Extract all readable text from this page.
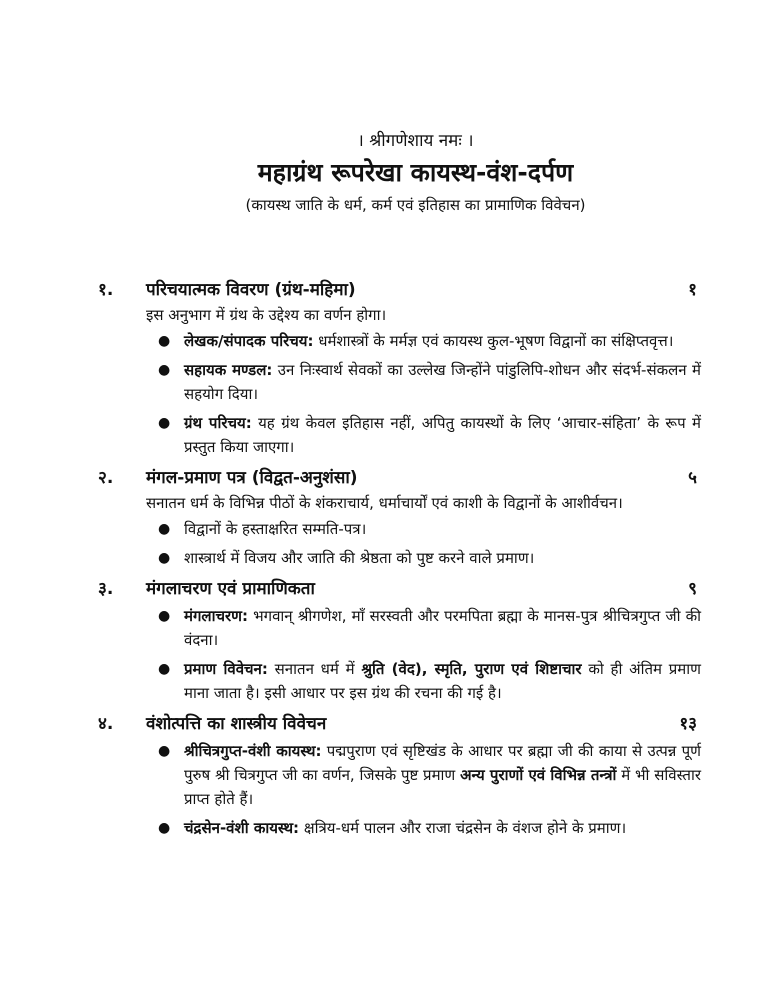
। श्रीगणेशाय नमः ।
महाग्रंथ रूपरेखा कायस्थ-वंश-दर्पण
(कायस्थ जाति के धर्म, कर्म एवं इतिहास का प्रामाणिक विवेचन)
१.	परिचयात्मक विवरण (ग्रंथ-महिमा)	१
इस अनुभाग में ग्रंथ के उद्देश्य का वर्णन होगा।
● लेखक/संपादक परिचय: धर्मशास्त्रों के मर्मज्ञ एवं कायस्थ कुल-भूषण विद्वानों का संक्षिप्तवृत्त।
● सहायक मण्डल: उन निःस्वार्थ सेवकों का उल्लेख जिन्होंने पांडुलिपि-शोधन और संदर्भ-संकलन में सहयोग दिया।
● ग्रंथ परिचय: यह ग्रंथ केवल इतिहास नहीं, अपितु कायस्थों के लिए ‘आचार-संहिता’ के रूप में प्रस्तुत किया जाएगा।
२.	मंगल-प्रमाण पत्र (विद्वत-अनुशंसा)	५
सनातन धर्म के विभिन्न पीठों के शंकराचार्य, धर्माचार्यों एवं काशी के विद्वानों के आशीर्वचन।
● विद्वानों के हस्ताक्षरित सम्मति-पत्र।
● शास्त्रार्थ में विजय और जाति की श्रेष्ठता को पुष्ट करने वाले प्रमाण।
३.	मंगलाचरण एवं प्रामाणिकता	९
● मंगलाचरण: भगवान् श्रीगणेश, माँ सरस्वती और परमपिता ब्रह्मा के मानस-पुत्र श्रीचित्रगुप्त जी की वंदना।
● प्रमाण विवेचन: सनातन धर्म में श्रुति (वेद), स्मृति, पुराण एवं शिष्टाचार को ही अंतिम प्रमाण माना जाता है। इसी आधार पर इस ग्रंथ की रचना की गई है।
४.	वंशोत्पत्ति का शास्त्रीय विवेचन	१३
● श्रीचित्रगुप्त-वंशी कायस्थ: पद्मपुराण एवं सृष्टिखंड के आधार पर ब्रह्मा जी की काया से उत्पन्न पूर्ण पुरुष श्री चित्रगुप्त जी का वर्णन, जिसके पुष्ट प्रमाण अन्य पुराणों एवं विभिन्न तन्त्रों में भी सविस्तार प्राप्त होते हैं।
● चंद्रसेन-वंशी कायस्थ: क्षत्रिय-धर्म पालन और राजा चंद्रसेन के वंशज होने के प्रमाण।
